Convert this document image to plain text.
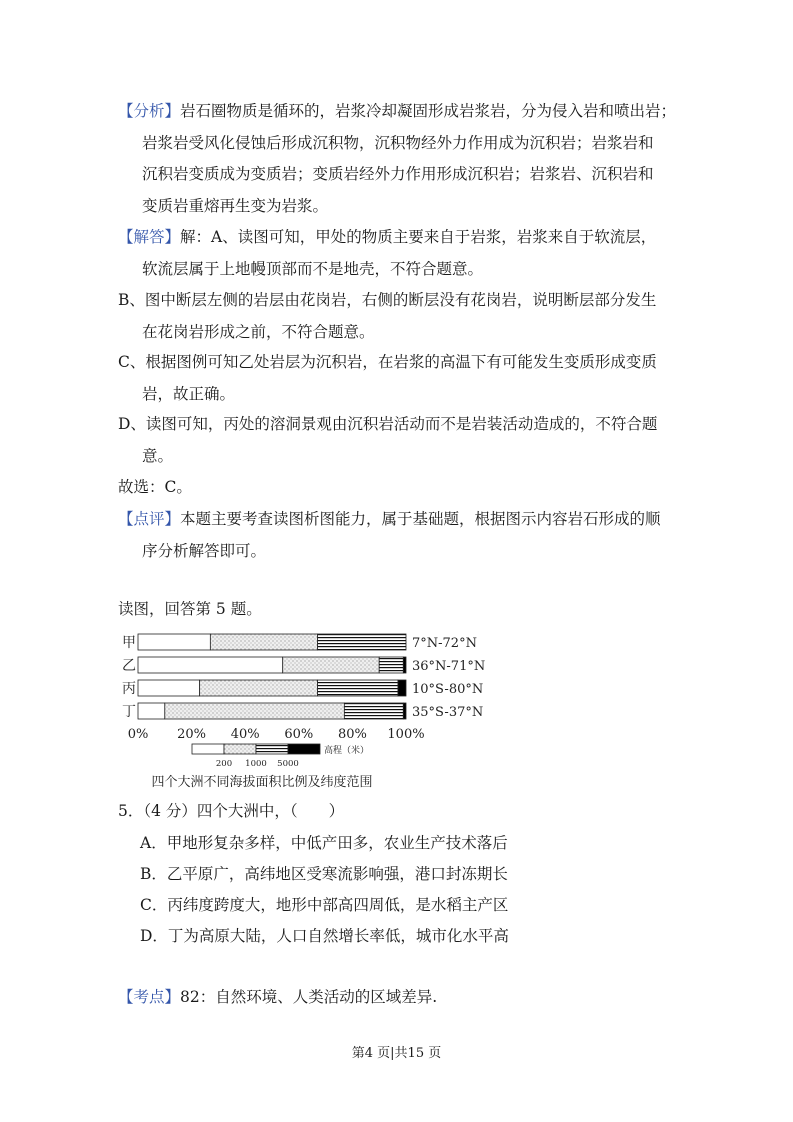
【分析】岩石圈物质是循环的，岩浆冷却凝固形成岩浆岩，分为侵入岩和喷出岩；
岩浆岩受风化侵蚀后形成沉积物，沉积物经外力作用成为沉积岩；岩浆岩和
沉积岩变质成为变质岩；变质岩经外力作用形成沉积岩；岩浆岩、沉积岩和
变质岩重熔再生变为岩浆。
【解答】解：A、读图可知，甲处的物质主要来自于岩浆，岩浆来自于软流层，
软流层属于上地幔顶部而不是地壳，不符合题意。
B、图中断层左侧的岩层由花岗岩，右侧的断层没有花岗岩，说明断层部分发生
在花岗岩形成之前，不符合题意。
C、根据图例可知乙处岩层为沉积岩，在岩浆的高温下有可能发生变质形成变质
岩，故正确。
D、读图可知，丙处的溶洞景观由沉积岩活动而不是岩装活动造成的，不符合题
意。
故选：C。
【点评】本题主要考查读图析图能力，属于基础题，根据图示内容岩石形成的顺
序分析解答即可。
读图，回答第 5 题。
甲	7°N-72°N
乙	36°N-71°N
丙	10°S-80°N
丁	35°S-37°N
0% 20% 40% 60% 80% 100%
高程（米）
200 1000 5000
四个大洲不同海拔面积比例及纬度范围
5．（4 分）四个大洲中，（　　）
A．甲地形复杂多样，中低产田多，农业生产技术落后
B．乙平原广，高纬地区受寒流影响强，港口封冻期长
C．丙纬度跨度大，地形中部高四周低，是水稻主产区
D．丁为高原大陆，人口自然增长率低，城市化水平高
【考点】82：自然环境、人类活动的区域差异.
第4 页|共15 页
